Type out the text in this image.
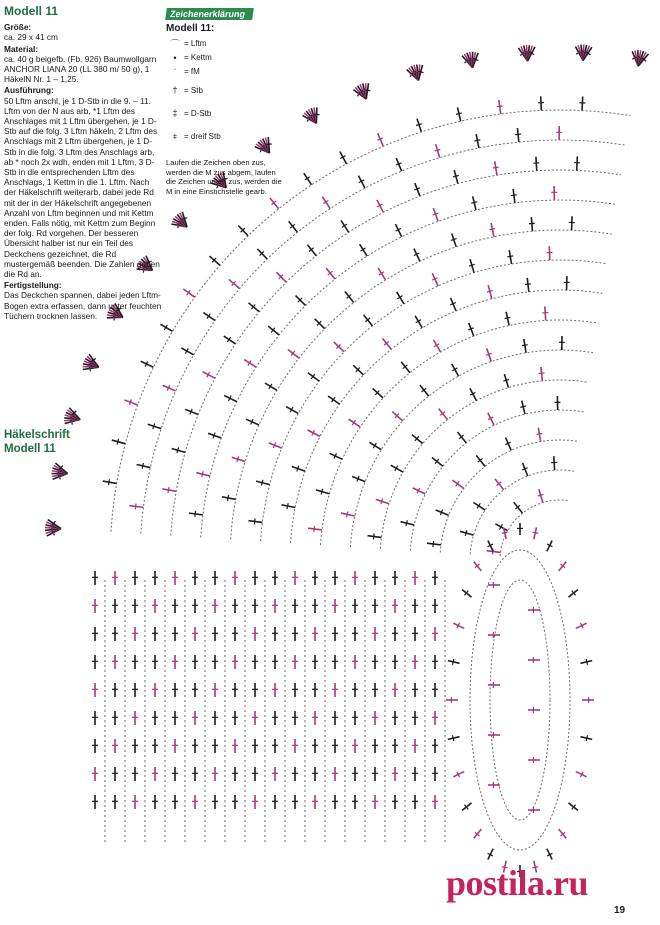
Modell 11

Größe:

ca. 29 x 41 cm

Material:

ca. 40 g beigefb. (Fb. 926) Baumwollgarn ANCHOR LIANA 20 (LL 380 m/ 50 g), 1 HäkelN Nr. 1 – 1,25.

Ausführung:

50 Lftm anschl, je 1 D-Stb in die 9. – 11. Lftm von der N aus arb, *1 Lftm des Anschlages mit 1 Lftm übergehen, je 1 D-Stb auf die folg. 3 Lftm häkeln, 2 Lftm des Anschlags mit 2 Lftm übergehen, je 1 D-Stb in die folg. 3 Lftm des Anschlags arb, ab * noch 2x wdh, enden mit 1 Lftm, 3 D-Stb in die entsprechenden Lftm des Anschlags, 1 Kettm in die 1. Lftm. Nach der Häkelschrift weiterarb, dabei jede Rd mit der in der Häkelschrift angegebenen Anzahl von Lftm beginnen und mit Kettm enden. Falls nötig, mit Kettm zum Beginn der folg. Rd vorgehen. Der besseren Übersicht halber ist nur ein Teil des Deckchens gezeichnet, die Rd mustergemäß beenden. Die Zahlen geben die Rd an.

Fertigstellung:

Das Deckchen spannen, dabei jeden Lftm-Bogen extra erfassen, dann unter feuchten Tüchern trocknen lassen.

Häkelschrift
Modell 11
Zeichenerklärung
Modell 11:
⌒ = Lftm
• = Kettm
ˈ = fM
† = Stb
‡ = D-Stb
⧧ = dreif Stb
Laufen die Zeichen oben zus, werden die M zus abgem, laufen die Zeichen unten zus, werden die M in eine Einstichstelle gearb.
postila.ru
19
